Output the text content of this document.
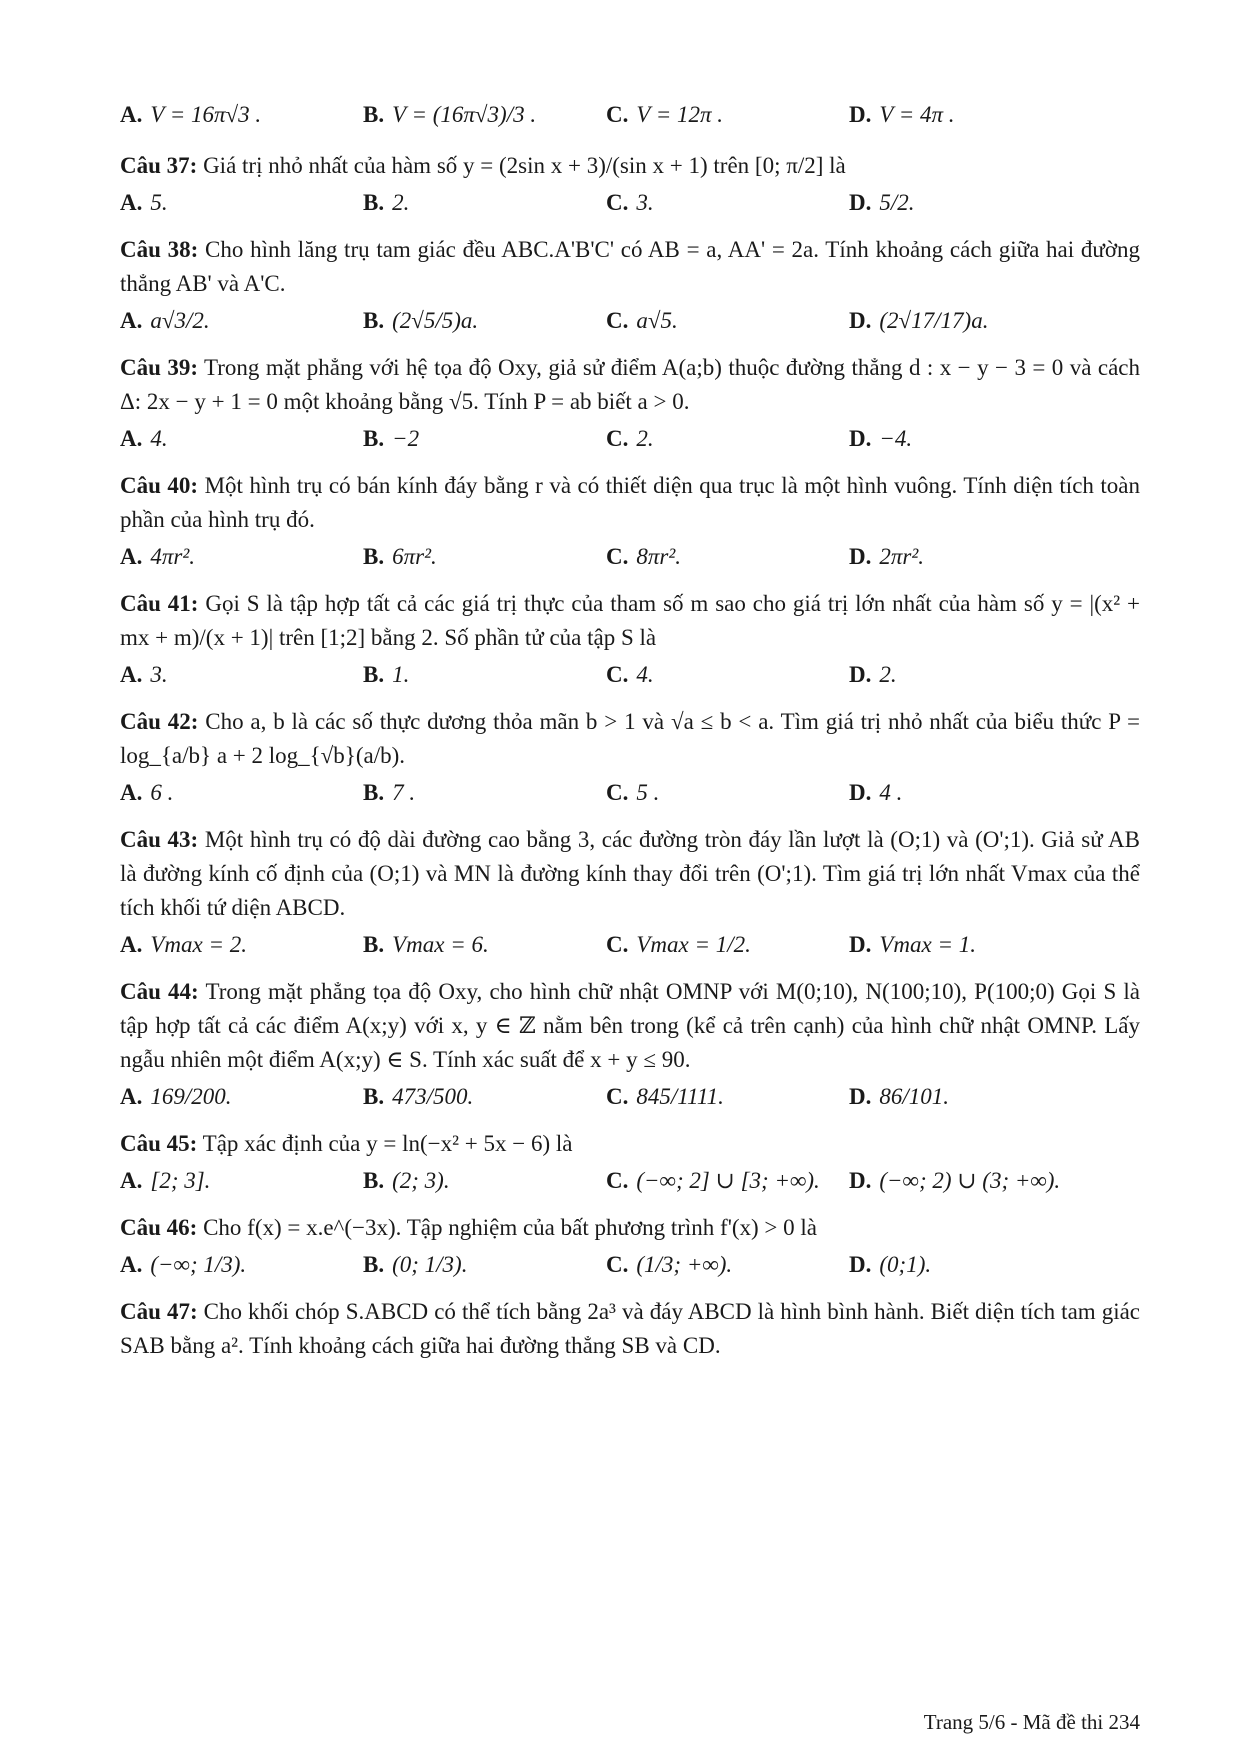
A. V = 16π√3 .	B. V = (16π√3)/3 .	C. V = 12π .	D. V = 4π .
Câu 37: Giá trị nhỏ nhất của hàm số y = (2sin x + 3)/(sin x + 1) trên [0; π/2] là
A. 5.	B. 2.	C. 3.	D. 5/2.
Câu 38: Cho hình lăng trụ tam giác đều ABC.A'B'C' có AB = a, AA' = 2a. Tính khoảng cách giữa hai đường thẳng AB' và A'C.
A. a√3/2.	B. (2√5/5)a.	C. a√5.	D. (2√17/17)a.
Câu 39: Trong mặt phẳng với hệ tọa độ Oxy, giả sử điểm A(a;b) thuộc đường thẳng d : x − y − 3 = 0 và cách Δ: 2x − y + 1 = 0 một khoảng bằng √5. Tính P = ab biết a > 0.
A. 4.	B. −2	C. 2.	D. −4.
Câu 40: Một hình trụ có bán kính đáy bằng r và có thiết diện qua trục là một hình vuông. Tính diện tích toàn phần của hình trụ đó.
A. 4πr².	B. 6πr².	C. 8πr².	D. 2πr².
Câu 41: Gọi S là tập hợp tất cả các giá trị thực của tham số m sao cho giá trị lớn nhất của hàm số y = |(x² + mx + m)/(x + 1)| trên [1;2] bằng 2. Số phần tử của tập S là
A. 3.	B. 1.	C. 4.	D. 2.
Câu 42: Cho a, b là các số thực dương thỏa mãn b > 1 và √a ≤ b < a. Tìm giá trị nhỏ nhất của biểu thức P = log_{a/b} a + 2 log_{√b}(a/b).
A. 6 .	B. 7 .	C. 5 .	D. 4 .
Câu 43: Một hình trụ có độ dài đường cao bằng 3, các đường tròn đáy lần lượt là (O;1) và (O';1). Giả sử AB là đường kính cố định của (O;1) và MN là đường kính thay đổi trên (O';1). Tìm giá trị lớn nhất Vmax của thể tích khối tứ diện ABCD.
A. Vmax = 2.	B. Vmax = 6.	C. Vmax = 1/2.	D. Vmax = 1.
Câu 44: Trong mặt phẳng tọa độ Oxy, cho hình chữ nhật OMNP với M(0;10), N(100;10), P(100;0) Gọi S là tập hợp tất cả các điểm A(x;y) với x, y ∈ ℤ nằm bên trong (kể cả trên cạnh) của hình chữ nhật OMNP. Lấy ngẫu nhiên một điểm A(x;y) ∈ S. Tính xác suất để x + y ≤ 90.
A. 169/200.	B. 473/500.	C. 845/1111.	D. 86/101.
Câu 45: Tập xác định của y = ln(−x² + 5x − 6) là
A. [2; 3].	B. (2; 3).	C. (−∞; 2] ∪ [3; +∞). D. (−∞; 2) ∪ (3; +∞).
Câu 46: Cho f(x) = x.e^(−3x). Tập nghiệm của bất phương trình f'(x) > 0 là
A. (−∞; 1/3).	B. (0; 1/3).	C. (1/3; +∞).	D. (0;1).
Câu 47: Cho khối chóp S.ABCD có thể tích bằng 2a³ và đáy ABCD là hình bình hành. Biết diện tích tam giác SAB bằng a². Tính khoảng cách giữa hai đường thẳng SB và CD.
Trang 5/6 - Mã đề thi 234
